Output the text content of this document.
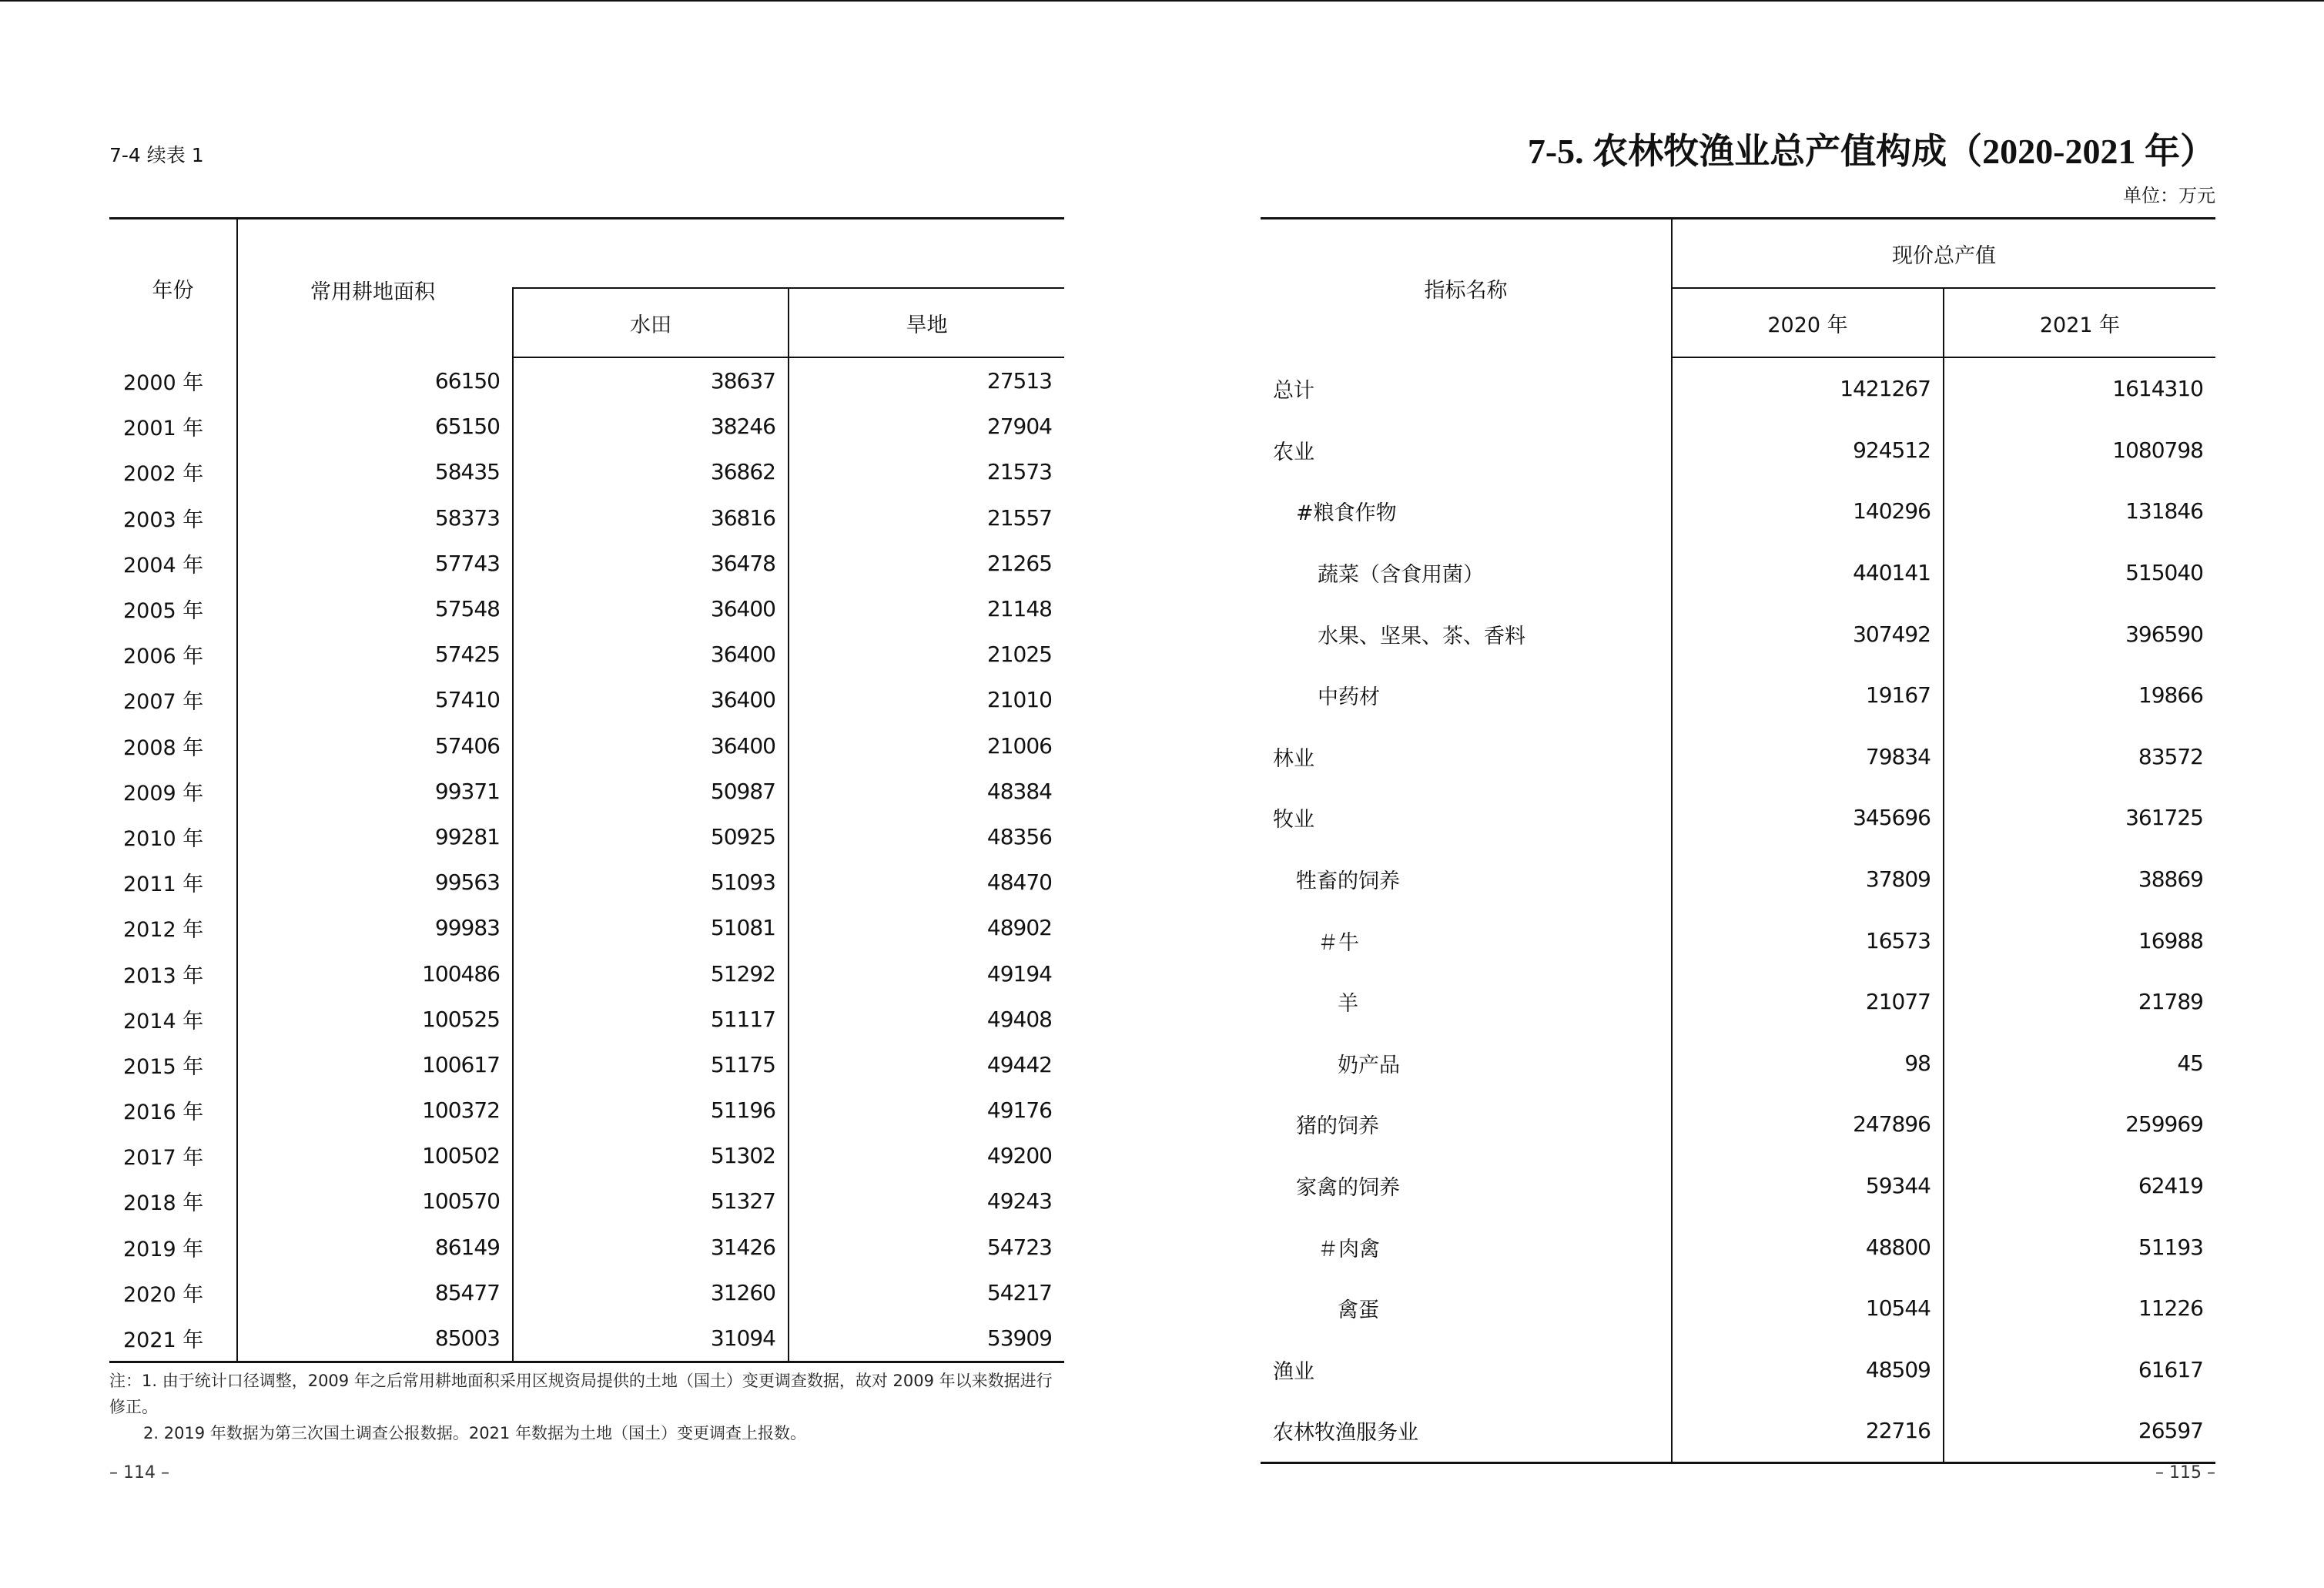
7-4 续表 1
年份	常用耕地面积		
		水田	旱地
2000 年	66150	38637	27513
2001 年	65150	38246	27904
2002 年	58435	36862	21573
2003 年	58373	36816	21557
2004 年	57743	36478	21265
2005 年	57548	36400	21148
2006 年	57425	36400	21025
2007 年	57410	36400	21010
2008 年	57406	36400	21006
2009 年	99371	50987	48384
2010 年	99281	50925	48356
2011 年	99563	51093	48470
2012 年	99983	51081	48902
2013 年	100486	51292	49194
2014 年	100525	51117	49408
2015 年	100617	51175	49442
2016 年	100372	51196	49176
2017 年	100502	51302	49200
2018 年	100570	51327	49243
2019 年	86149	31426	54723
2020 年	85477	31260	54217
2021 年	85003	31094	53909

注：1. 由于统计口径调整，2009 年之后常用耕地面积采用区规资局提供的土地（国土）变更调查数据，故对 2009 年以来数据进行修正。

2. 2019 年数据为第三次国土调查公报数据。2021 年数据为土地（国土）变更调查上报数。

– 114 –
7-5. 农林牧渔业总产值构成（2020-2021 年）
单位：万元
指标名称	现价总产值	
	2020 年	2021 年
总计	1421267	1614310
农业	924512	1080798
#粮食作物	140296	131846
蔬菜（含食用菌）	440141	515040
水果、坚果、茶、香料	307492	396590
中药材	19167	19866
林业	79834	83572
牧业	345696	361725
牲畜的饲养	37809	38869
＃牛	16573	16988
羊	21077	21789
奶产品	98	45
猪的饲养	247896	259969
家禽的饲养	59344	62419
＃肉禽	48800	51193
禽蛋	10544	11226
渔业	48509	61617
农林牧渔服务业	22716	26597
– 115 –
